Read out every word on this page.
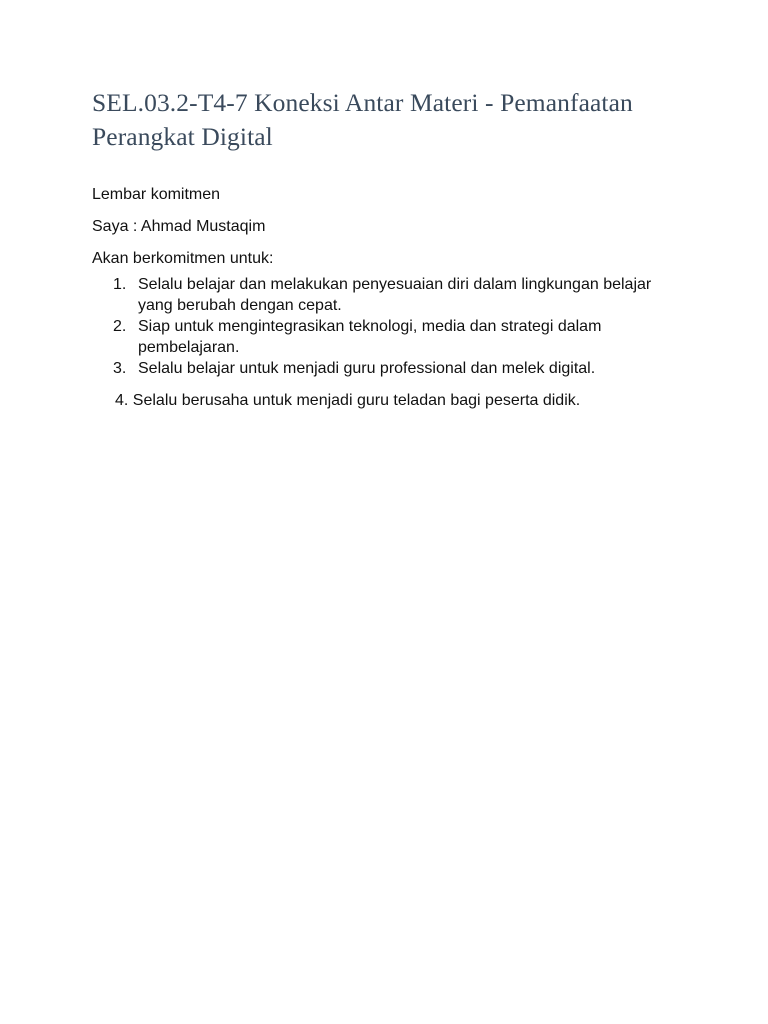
SEL.03.2-T4-7 Koneksi Antar Materi - Pemanfaatan Perangkat Digital

Lembar komitmen

Saya : Ahmad Mustaqim

Akan berkomitmen untuk:

1. Selalu belajar dan melakukan penyesuaian diri dalam lingkungan belajar yang berubah dengan cepat.
2. Siap untuk mengintegrasikan teknologi, media dan strategi dalam pembelajaran.
3. Selalu belajar untuk menjadi guru professional dan melek digital.

4. Selalu berusaha untuk menjadi guru teladan bagi peserta didik.
